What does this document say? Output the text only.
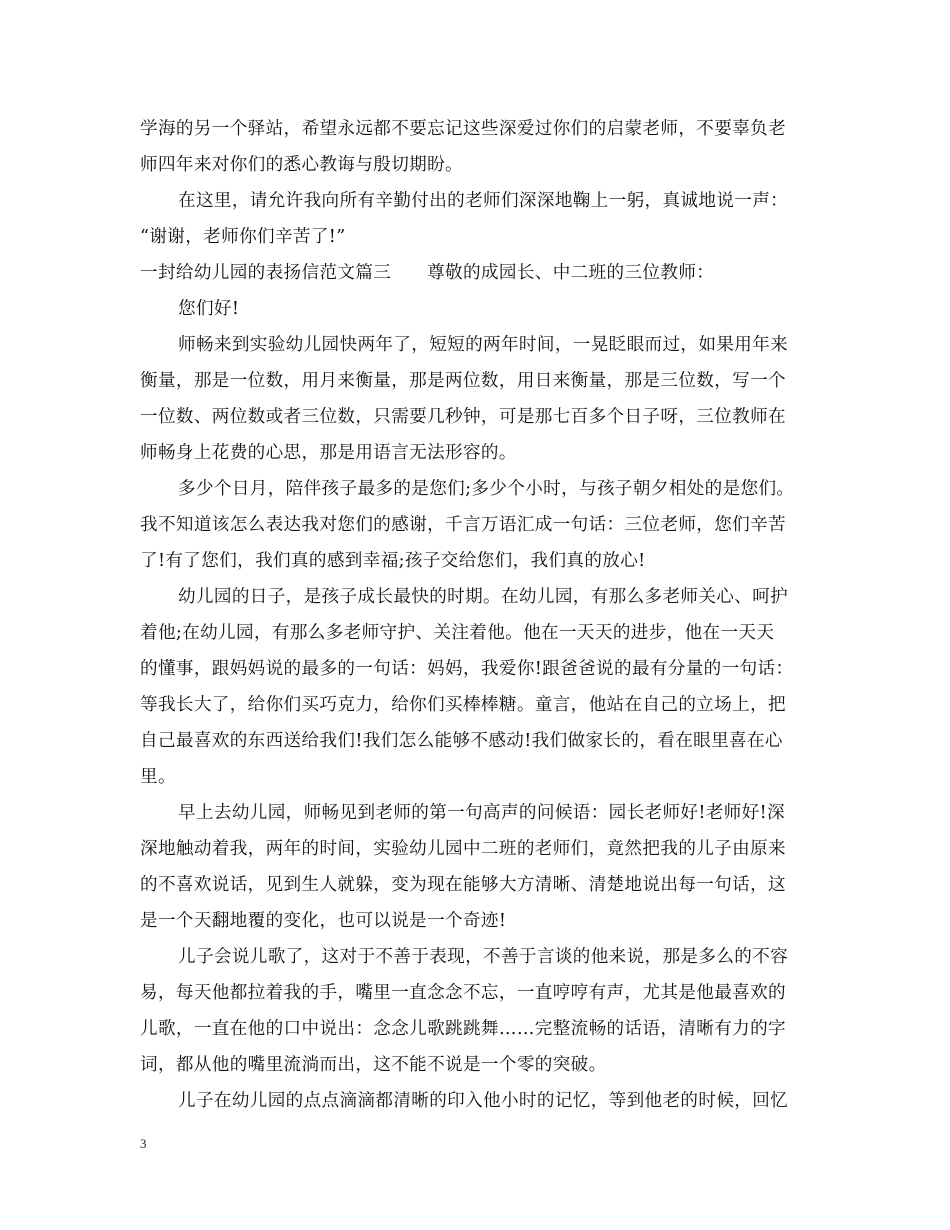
学海的另一个驿站，希望永远都不要忘记这些深爱过你们的启蒙老师，不要辜负老
师四年来对你们的悉心教诲与殷切期盼。
在这里，请允许我向所有辛勤付出的老师们深深地鞠上一躬，真诚地说一声：
“谢谢，老师你们辛苦了!”
一封给幼儿园的表扬信范文篇三　　尊敬的成园长、中二班的三位教师：
您们好!
师畅来到实验幼儿园快两年了，短短的两年时间，一晃眨眼而过，如果用年来
衡量，那是一位数，用月来衡量，那是两位数，用日来衡量，那是三位数，写一个
一位数、两位数或者三位数，只需要几秒钟，可是那七百多个日子呀，三位教师在
师畅身上花费的心思，那是用语言无法形容的。
多少个日月，陪伴孩子最多的是您们;多少个小时，与孩子朝夕相处的是您们。
我不知道该怎么表达我对您们的感谢，千言万语汇成一句话：三位老师，您们辛苦
了!有了您们，我们真的感到幸福;孩子交给您们，我们真的放心!
幼儿园的日子，是孩子成长最快的时期。在幼儿园，有那么多老师关心、呵护
着他;在幼儿园，有那么多老师守护、关注着他。他在一天天的进步，他在一天天
的懂事，跟妈妈说的最多的一句话：妈妈，我爱你!跟爸爸说的最有分量的一句话：
等我长大了，给你们买巧克力，给你们买棒棒糖。童言，他站在自己的立场上，把
自己最喜欢的东西送给我们!我们怎么能够不感动!我们做家长的，看在眼里喜在心
里。
早上去幼儿园，师畅见到老师的第一句高声的问候语：园长老师好!老师好!深
深地触动着我，两年的时间，实验幼儿园中二班的老师们，竟然把我的儿子由原来
的不喜欢说话，见到生人就躲，变为现在能够大方清晰、清楚地说出每一句话，这
是一个天翻地覆的变化，也可以说是一个奇迹!
儿子会说儿歌了，这对于不善于表现，不善于言谈的他来说，那是多么的不容
易，每天他都拉着我的手，嘴里一直念念不忘，一直哼哼有声，尤其是他最喜欢的
儿歌，一直在他的口中说出：念念儿歌跳跳舞……完整流畅的话语，清晰有力的字
词，都从他的嘴里流淌而出，这不能不说是一个零的突破。
儿子在幼儿园的点点滴滴都清晰的印入他小时的记忆，等到他老的时候，回忆
3
